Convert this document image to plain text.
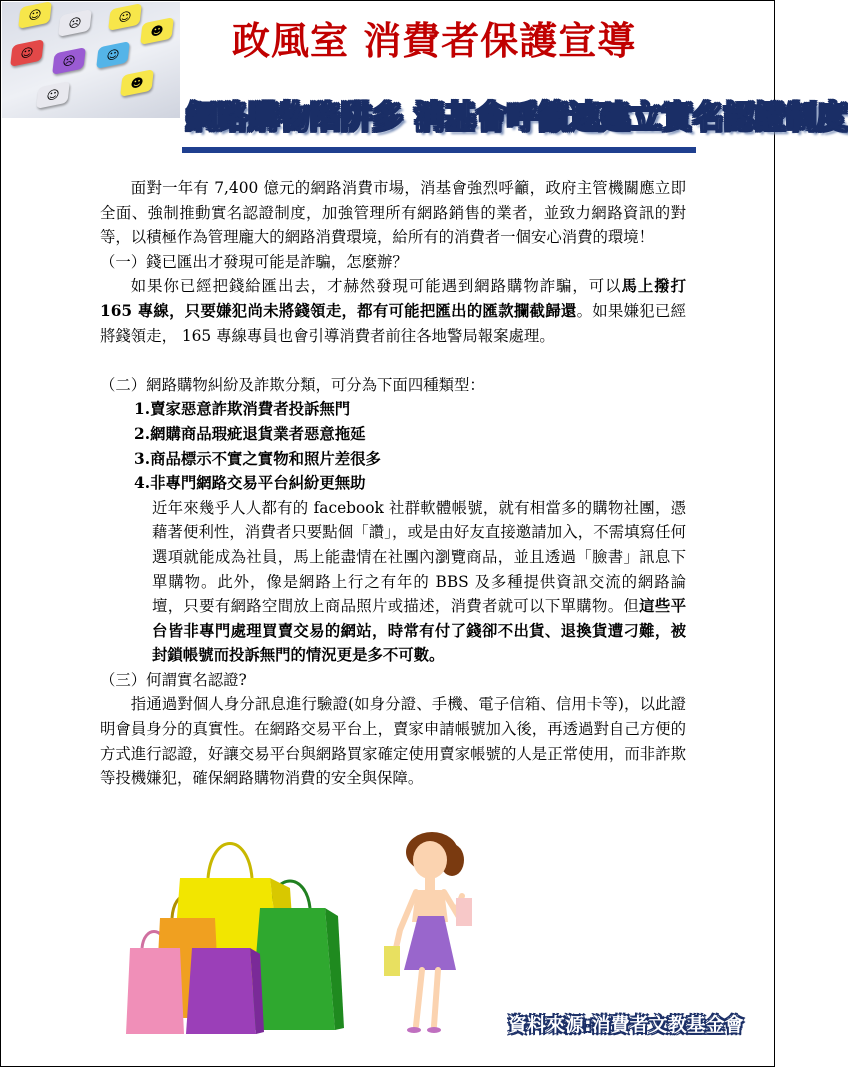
☺	☹	☺
☻
☺	☹	☺
☻
☺
政風室 消費者保護宣導
網路購物陷阱多 消基會呼籲速建立實名認證制度

面對一年有 7,400 億元的網路消費市場，消基會強烈呼籲，政府主管機關應立即全面、強制推動實名認證制度，加強管理所有網路銷售的業者，並致力網路資訊的對等，以積極作為管理龐大的網路消費環境，給所有的消費者一個安心消費的環境！

（一）錢已匯出才發現可能是詐騙，怎麼辦？

如果你已經把錢給匯出去，才赫然發現可能遇到網路購物詐騙，可以馬上撥打 165 專線，只要嫌犯尚未將錢領走，都有可能把匯出的匯款攔截歸還。如果嫌犯已經將錢領走， 165 專線專員也會引導消費者前往各地警局報案處理。

（二）網路購物糾紛及詐欺分類，可分為下面四種類型：

1.賣家惡意詐欺消費者投訴無門

2.網購商品瑕疵退貨業者惡意拖延

3.商品標示不實之實物和照片差很多

4.非專門網路交易平台糾紛更無助

近年來幾乎人人都有的 facebook 社群軟體帳號，就有相當多的購物社團，憑藉著便利性，消費者只要點個「讚」，或是由好友直接邀請加入，不需填寫任何選項就能成為社員，馬上能盡情在社團內瀏覽商品，並且透過「臉書」訊息下單購物。此外，像是網路上行之有年的 BBS 及多種提供資訊交流的網路論壇，只要有網路空間放上商品照片或描述，消費者就可以下單購物。但這些平台皆非專門處理買賣交易的網站，時常有付了錢卻不出貨、退換貨遭刁難，被封鎖帳號而投訴無門的情況更是多不可數。

（三）何謂實名認證?

指通過對個人身分訊息進行驗證(如身分證、手機、電子信箱、信用卡等)，以此證明會員身分的真實性。在網路交易平台上，賣家申請帳號加入後，再透過對自己方便的方式進行認證，好讓交易平台與網路買家確定使用賣家帳號的人是正常使用，而非詐欺等投機嫌犯，確保網路購物消費的安全與保障。

資料來源:消費者文教基金會
